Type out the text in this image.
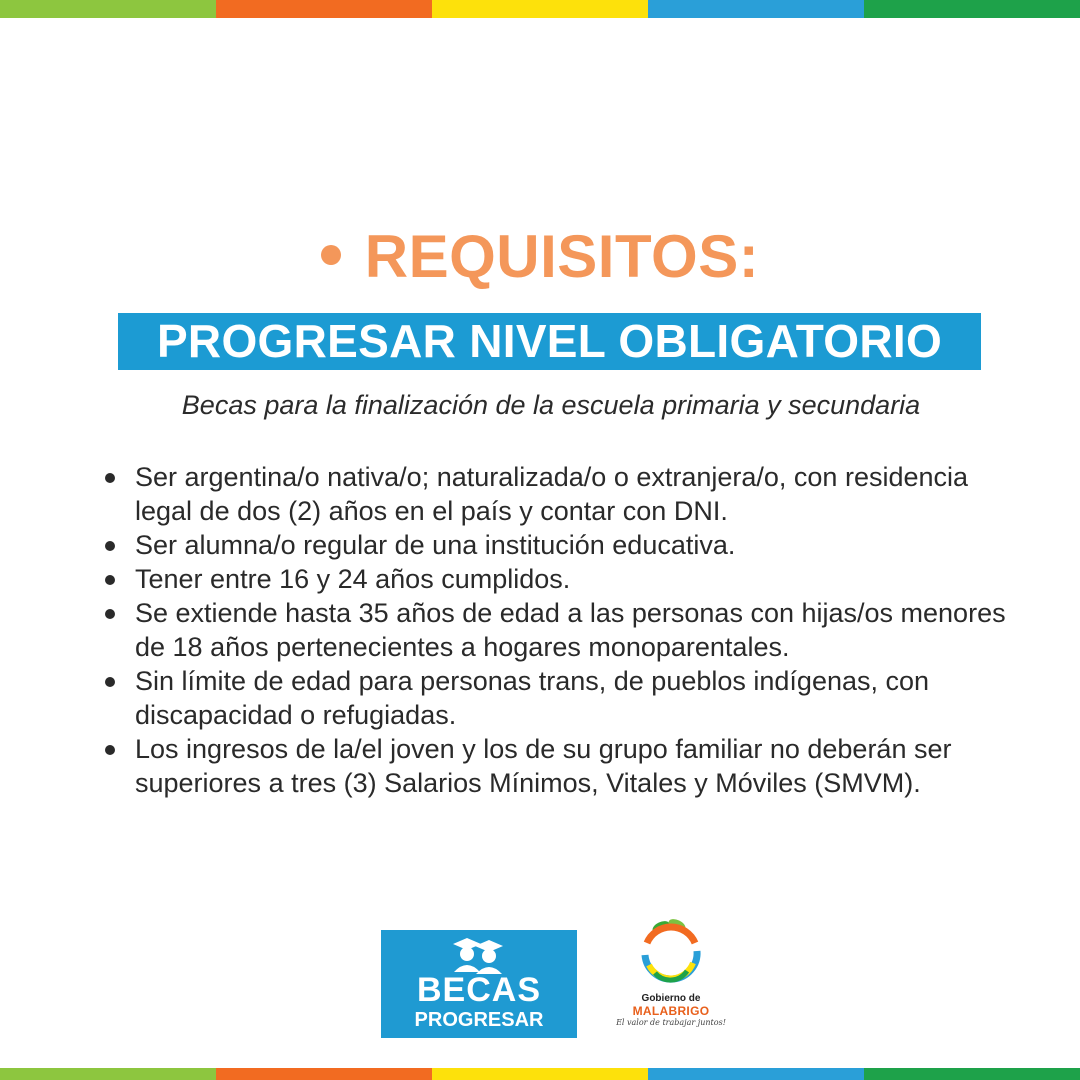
REQUISITOS:
PROGRESAR NIVEL OBLIGATORIO
Becas para la finalización de la escuela primaria y secundaria
Ser argentina/o nativa/o; naturalizada/o o extranjera/o, con residencia legal de dos (2) años en el país y contar con DNI.
Ser alumna/o regular de una institución educativa.
Tener entre 16 y 24 años cumplidos.
Se extiende hasta 35 años de edad a las personas con hijas/os menores de 18 años pertenecientes a hogares monoparentales.
Sin límite de edad para personas trans, de pueblos indígenas, con discapacidad o refugiadas.
Los ingresos de la/el joven y los de su grupo familiar no deberán ser superiores a tres (3) Salarios Mínimos, Vitales y Móviles (SMVM).
BECAS
PROGRESAR
Gobierno de
MALABRIGO
El valor de trabajar juntos!
